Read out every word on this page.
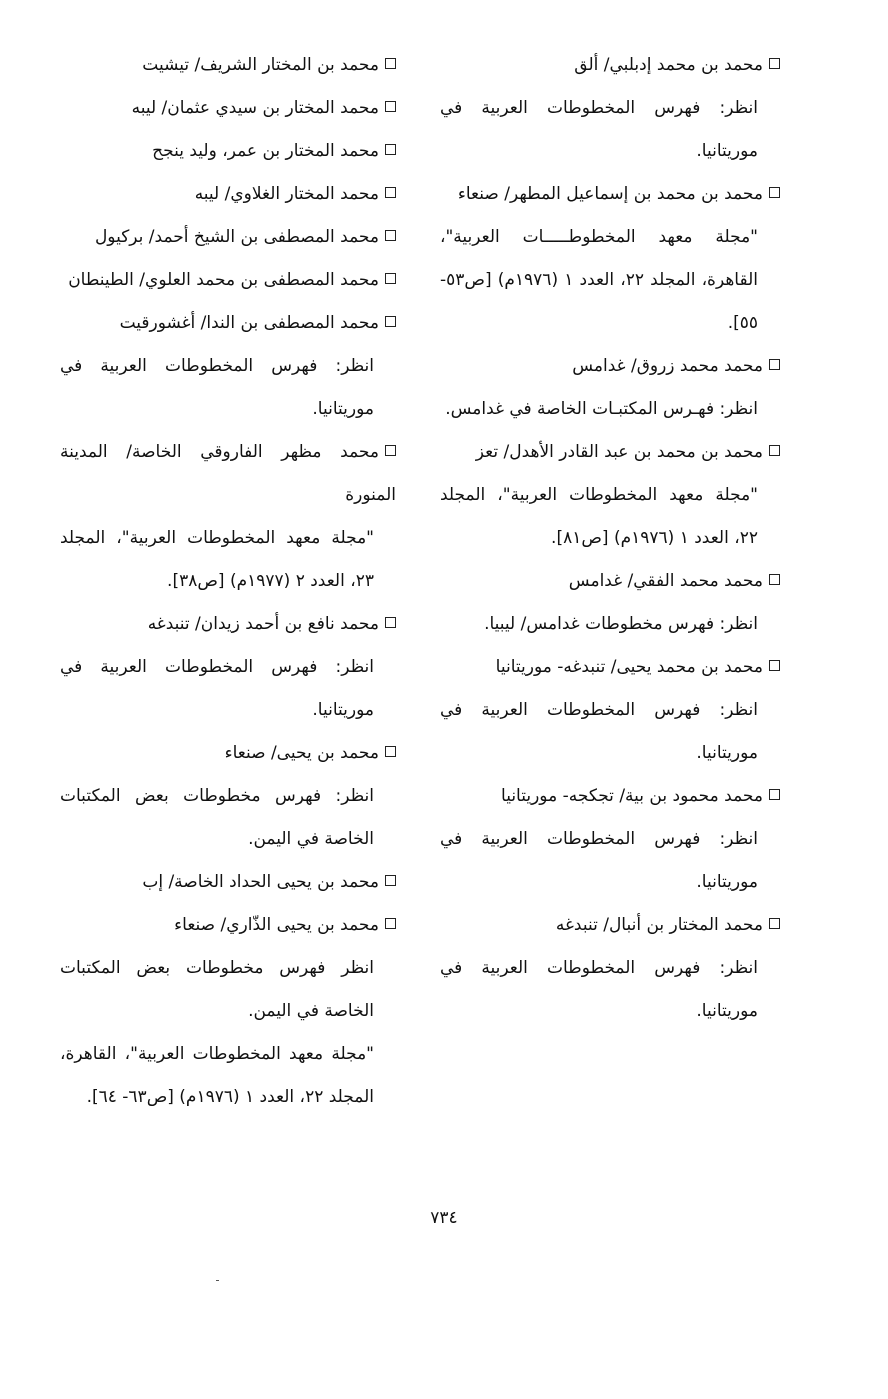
محمد بن محمد إدبلبي/ ألق
انظر: فهرس المخطوطات العربية في موريتانيا.
محمد بن محمد بن إسماعيل المطهر/ صنعاء
"مجلة معهد المخطوطـــــات العربية"، القاهرة، المجلد ٢٢، العدد ١ (١٩٧٦م) [ص٥٣- ٥٥].
محمد محمد زروق/ غدامس
انظر: فهـرس المكتبـات الخاصة في غدامس.
محمد بن محمد بن عبد القادر الأهدل/ تعز
"مجلة معهد المخطوطات العربية"، المجلد ٢٢، العدد ١ (١٩٧٦م) [ص٨١].
محمد محمد الفقي/ غدامس
انظر: فهرس مخطوطات غدامس/ ليبيا.
محمد بن محمد يحيى/ تنبدغه- موريتانيا
انظر: فهرس المخطوطات العربية في موريتانيا.
محمد محمود بن بية/ تجكجه- موريتانيا
انظر: فهرس المخطوطات العربية في موريتانيا.
محمد المختار بن أنبال/ تنبدغه
انظر: فهرس المخطوطات العربية في موريتانيا.
محمد بن المختار الشريف/ تيشيت
محمد المختار بن سيدي عثمان/ ليبه
محمد المختار بن عمر، وليد ينجح
محمد المختار الغلاوي/ ليبه
محمد المصطفى بن الشيخ أحمد/ بركيول
محمد المصطفى بن محمد العلوي/ الطينطان
محمد المصطفى بن الندا/ أغشورقيت
انظر: فهرس المخطوطات العربية في موريتانيا.
محمد مظهر الفاروقي الخاصة/ المدينة المنورة
"مجلة معهد المخطوطات العربية"، المجلد ٢٣، العدد ٢ (١٩٧٧م) [ص٣٨].
محمد نافع بن أحمد زيدان/ تنبدغه
انظر: فهرس المخطوطات العربية في موريتانيا.
محمد بن يحيى/ صنعاء
انظر: فهرس مخطوطات بعض المكتبات الخاصة في اليمن.
محمد بن يحيى الحداد الخاصة/ إب
محمد بن يحيى الذّاري/ صنعاء
انظر فهرس مخطوطات بعض المكتبات الخاصة في اليمن.
"مجلة معهد المخطوطات العربية"، القاهرة، المجلد ٢٢، العدد ١ (١٩٧٦م) [ص٦٣- ٦٤].
٧٣٤
